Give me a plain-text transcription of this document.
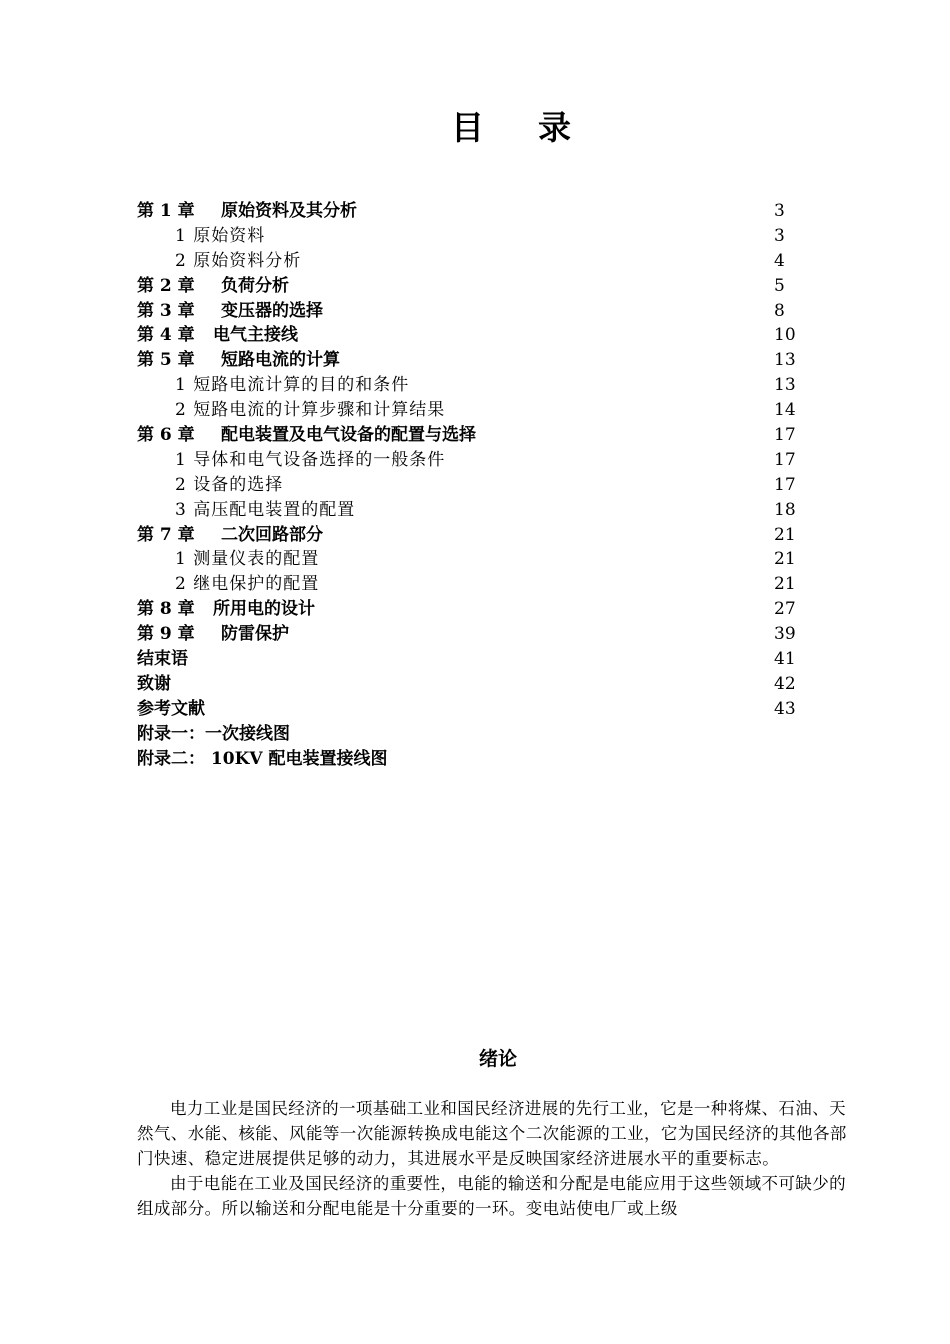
目 录
第 1 章 原始资料及其分析	3
1 原始资料	3
2 原始资料分析	4
第 2 章 负荷分析	5
第 3 章 变压器的选择	8
第 4 章 电气主接线	10
第 5 章 短路电流的计算	13
1 短路电流计算的目的和条件	13
2 短路电流的计算步骤和计算结果	14
第 6 章 配电装置及电气设备的配置与选择	17
1 导体和电气设备选择的一般条件	17
2 设备的选择	17
3 高压配电装置的配置	18
第 7 章 二次回路部分	21
1 测量仪表的配置	21
2 继电保护的配置	21
第 8 章 所用电的设计	27
第 9 章 防雷保护	39
结束语	41
致谢	42
参考文献	43
附录一：一次接线图
附录二： 10KV 配电装置接线图
绪论

电力工业是国民经济的一项基础工业和国民经济进展的先行工业，它是一种将煤、石油、天然气、水能、核能、风能等一次能源转换成电能这个二次能源的工业，它为国民经济的其他各部门快速、稳定进展提供足够的动力，其进展水平是反映国家经济进展水平的重要标志。

由于电能在工业及国民经济的重要性，电能的输送和分配是电能应用于这些领域不可缺少的组成部分。所以输送和分配电能是十分重要的一环。变电站使电厂或上级
